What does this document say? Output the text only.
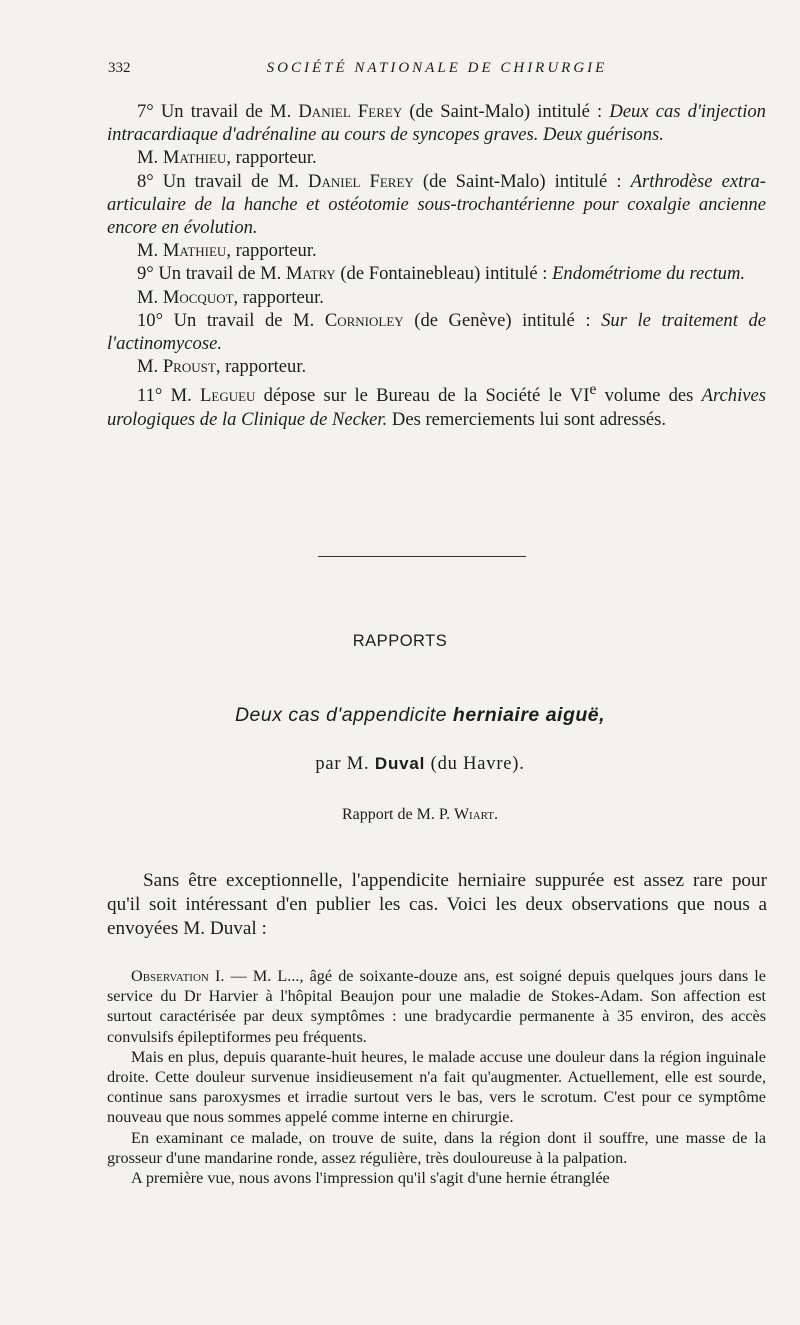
332	SOCIÉTÉ NATIONALE DE CHIRURGIE

7° Un travail de M. Daniel Ferey (de Saint-Malo) intitulé : Deux cas d'injection intracardiaque d'adrénaline au cours de syncopes graves. Deux guérisons.

M. Mathieu, rapporteur.

8° Un travail de M. Daniel Ferey (de Saint-Malo) intitulé : Arthrodèse extra-articulaire de la hanche et ostéotomie sous-trochantérienne pour coxalgie ancienne encore en évolution.

M. Mathieu, rapporteur.

9° Un travail de M. Matry (de Fontainebleau) intitulé : Endométriome du rectum.

M. Mocquot, rapporteur.

10° Un travail de M. Cornioley (de Genève) intitulé : Sur le traitement de l'actinomycose.

M. Proust, rapporteur.

11° M. Legueu dépose sur le Bureau de la Société le VIe volume des Archives urologiques de la Clinique de Necker. Des remerciements lui sont adressés.

RAPPORTS
Deux cas d'appendicite herniaire aiguë,
par M. Duval (du Havre).
Rapport de M. P. Wiart.

Sans être exceptionnelle, l'appendicite herniaire suppurée est assez rare pour qu'il soit intéressant d'en publier les cas. Voici les deux observations que nous a envoyées M. Duval :

Observation I. — M. L..., âgé de soixante-douze ans, est soigné depuis quelques jours dans le service du Dr Harvier à l'hôpital Beaujon pour une maladie de Stokes-Adam. Son affection est surtout caractérisée par deux symptômes : une bradycardie permanente à 35 environ, des accès convulsifs épileptiformes peu fréquents.

Mais en plus, depuis quarante-huit heures, le malade accuse une douleur dans la région inguinale droite. Cette douleur survenue insidieusement n'a fait qu'augmenter. Actuellement, elle est sourde, continue sans paroxysmes et irradie surtout vers le bas, vers le scrotum. C'est pour ce symptôme nouveau que nous sommes appelé comme interne en chirurgie.

En examinant ce malade, on trouve de suite, dans la région dont il souffre, une masse de la grosseur d'une mandarine ronde, assez régulière, très douloureuse à la palpation.

A première vue, nous avons l'impression qu'il s'agit d'une hernie étranglée
